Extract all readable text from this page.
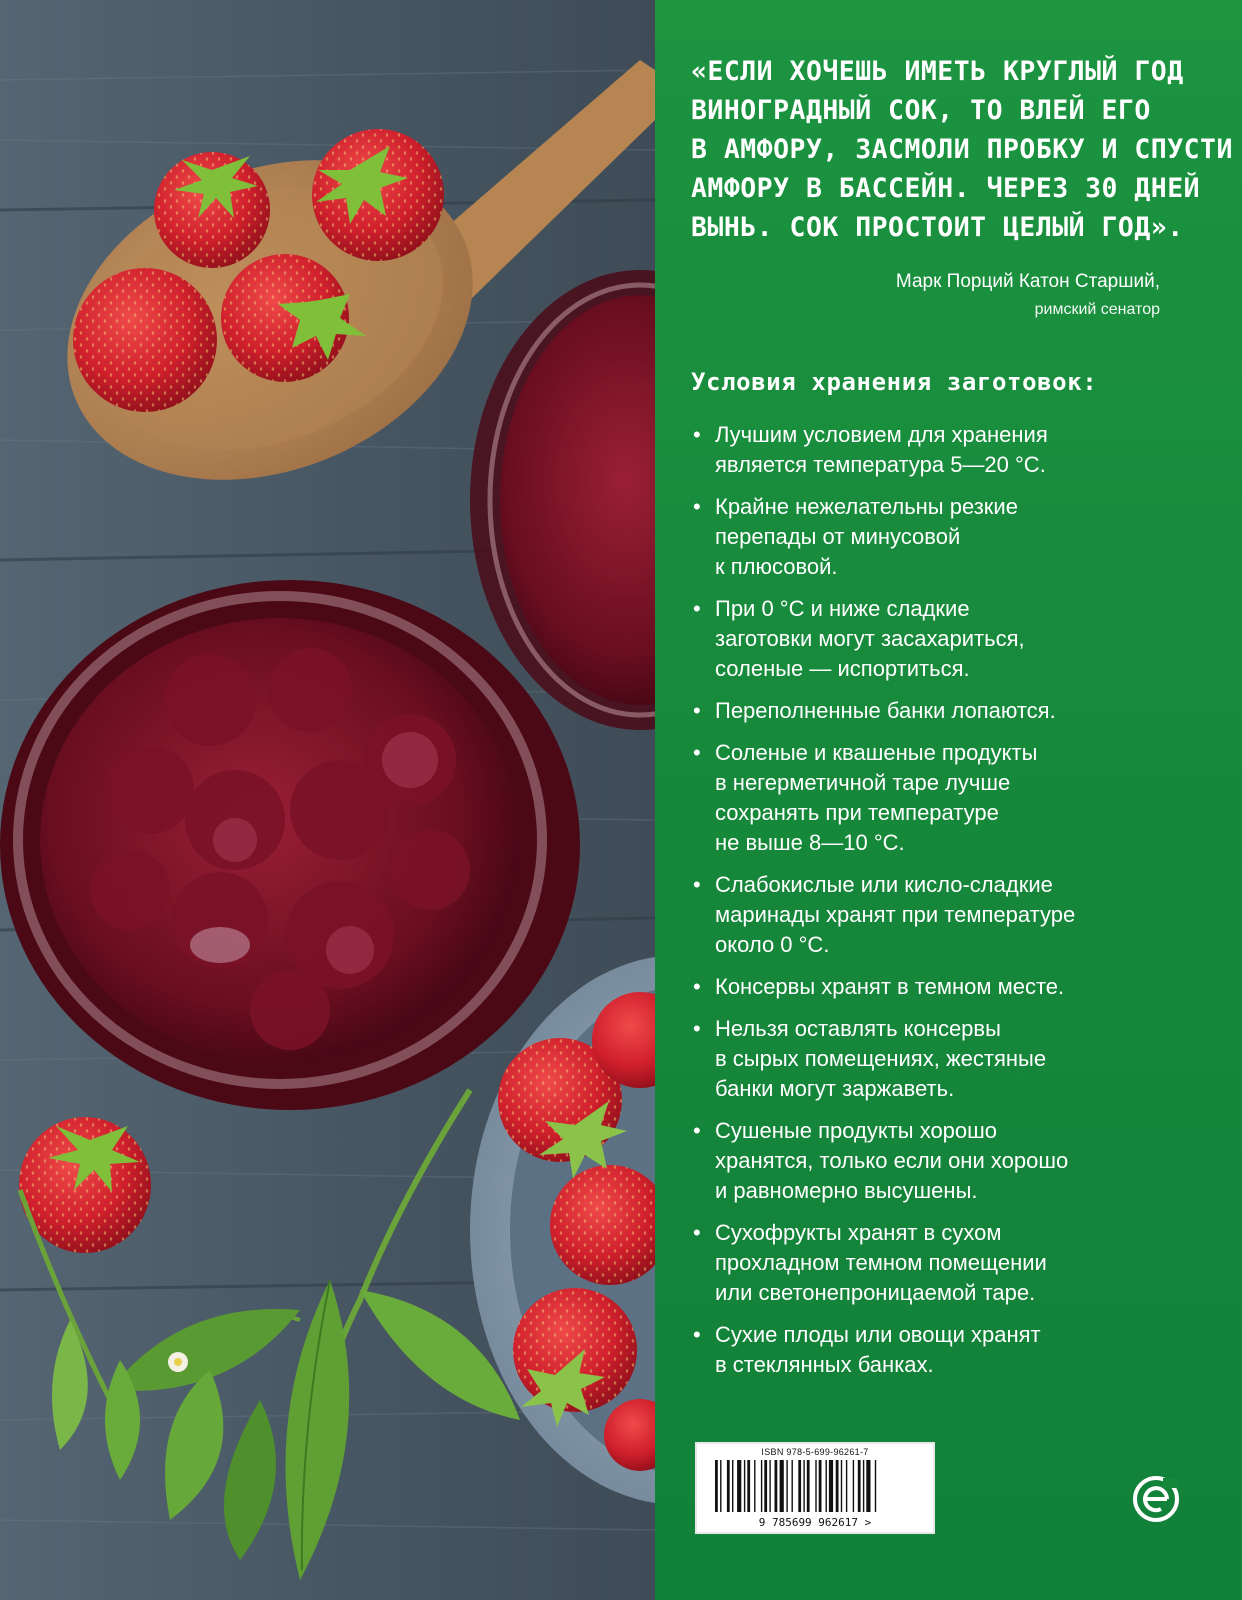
«ЕСЛИ ХОЧЕШЬ ИМЕТЬ КРУГЛЫЙ ГОД
ВИНОГРАДНЫЙ СОК, ТО ВЛЕЙ ЕГО
В АМФОРУ, ЗАСМОЛИ ПРОБКУ И СПУСТИ
АМФОРУ В БАССЕЙН. ЧЕРЕЗ 30 ДНЕЙ
ВЫНЬ. СОК ПРОСТОИТ ЦЕЛЫЙ ГОД».
Марк Порций Катон Старший,
римский сенатор
Условия хранения заготовок:
• Лучшим условием для хранения
является температура 5—20 °C.
• Крайне нежелательны резкие
перепады от минусовой
к плюсовой.
• При 0 °C и ниже сладкие
заготовки могут засахариться,
соленые — испортиться.
• Переполненные банки лопаются.
• Соленые и квашеные продукты
в негерметичной таре лучше
сохранять при температуре
не выше 8—10 °C.
• Слабокислые или кисло-сладкие
маринады хранят при температуре
около 0 °C.
• Консервы хранят в темном месте.
• Нельзя оставлять консервы
в сырых помещениях, жестяные
банки могут заржаветь.
• Сушеные продукты хорошо
хранятся, только если они хорошо
и равномерно высушены.
• Сухофрукты хранят в сухом
прохладном темном помещении
или светонепроницаемой таре.
• Сухие плоды или овощи хранят
в стеклянных банках.
ISBN 978-5-699-96261-7
9 785699 962617 >
